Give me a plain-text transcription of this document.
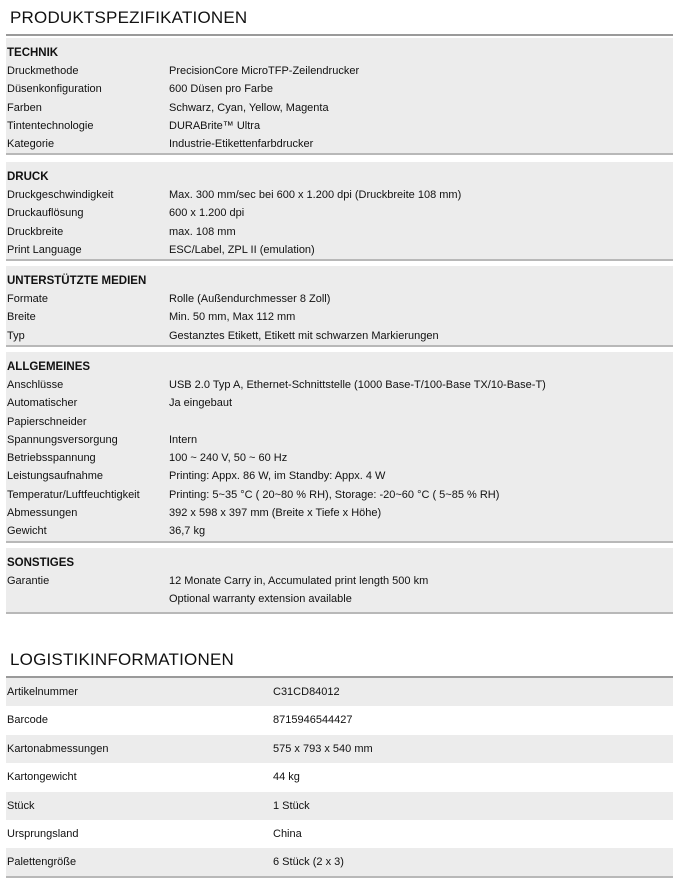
PRODUKTSPEZIFIKATIONEN
TECHNIK
Druckmethode	PrecisionCore MicroTFP-Zeilendrucker
Düsenkonfiguration	600 Düsen pro Farbe
Farben	Schwarz, Cyan, Yellow, Magenta
Tintentechnologie	DURABrite™ Ultra
Kategorie	Industrie-Etikettenfarbdrucker
DRUCK
Druckgeschwindigkeit	Max. 300 mm/sec bei 600 x 1.200 dpi (Druckbreite 108 mm)
Druckauflösung	600 x 1.200 dpi
Druckbreite	max. 108 mm
Print Language	ESC/Label, ZPL II (emulation)
UNTERSTÜTZTE MEDIEN
Formate	Rolle (Außendurchmesser 8 Zoll)
Breite	Min. 50 mm, Max 112 mm
Typ	Gestanztes Etikett, Etikett mit schwarzen Markierungen
ALLGEMEINES
Anschlüsse	USB 2.0 Typ A, Ethernet-Schnittstelle (1000 Base-T/100-Base TX/10-Base-T)
Automatischer	Ja eingebaut
Papierschneider
Spannungsversorgung	Intern
Betriebsspannung	100 ~ 240 V, 50 ~ 60 Hz
Leistungsaufnahme	Printing: Appx. 86 W, im Standby: Appx. 4 W
Temperatur/Luftfeuchtigkeit	Printing: 5~35 °C ( 20~80 % RH), Storage: -20~60 °C ( 5~85 % RH)
Abmessungen	392 x 598 x 397 mm (Breite x Tiefe x Höhe)
Gewicht	36,7 kg
SONSTIGES
Garantie	12 Monate Carry in, Accumulated print length 500 km
Optional warranty extension available
LOGISTIKINFORMATIONEN
Artikelnummer	C31CD84012
Barcode	8715946544427
Kartonabmessungen	575 x 793 x 540 mm
Kartongewicht	44 kg
Stück	1 Stück
Ursprungsland	China
Palettengröße	6 Stück (2 x 3)
